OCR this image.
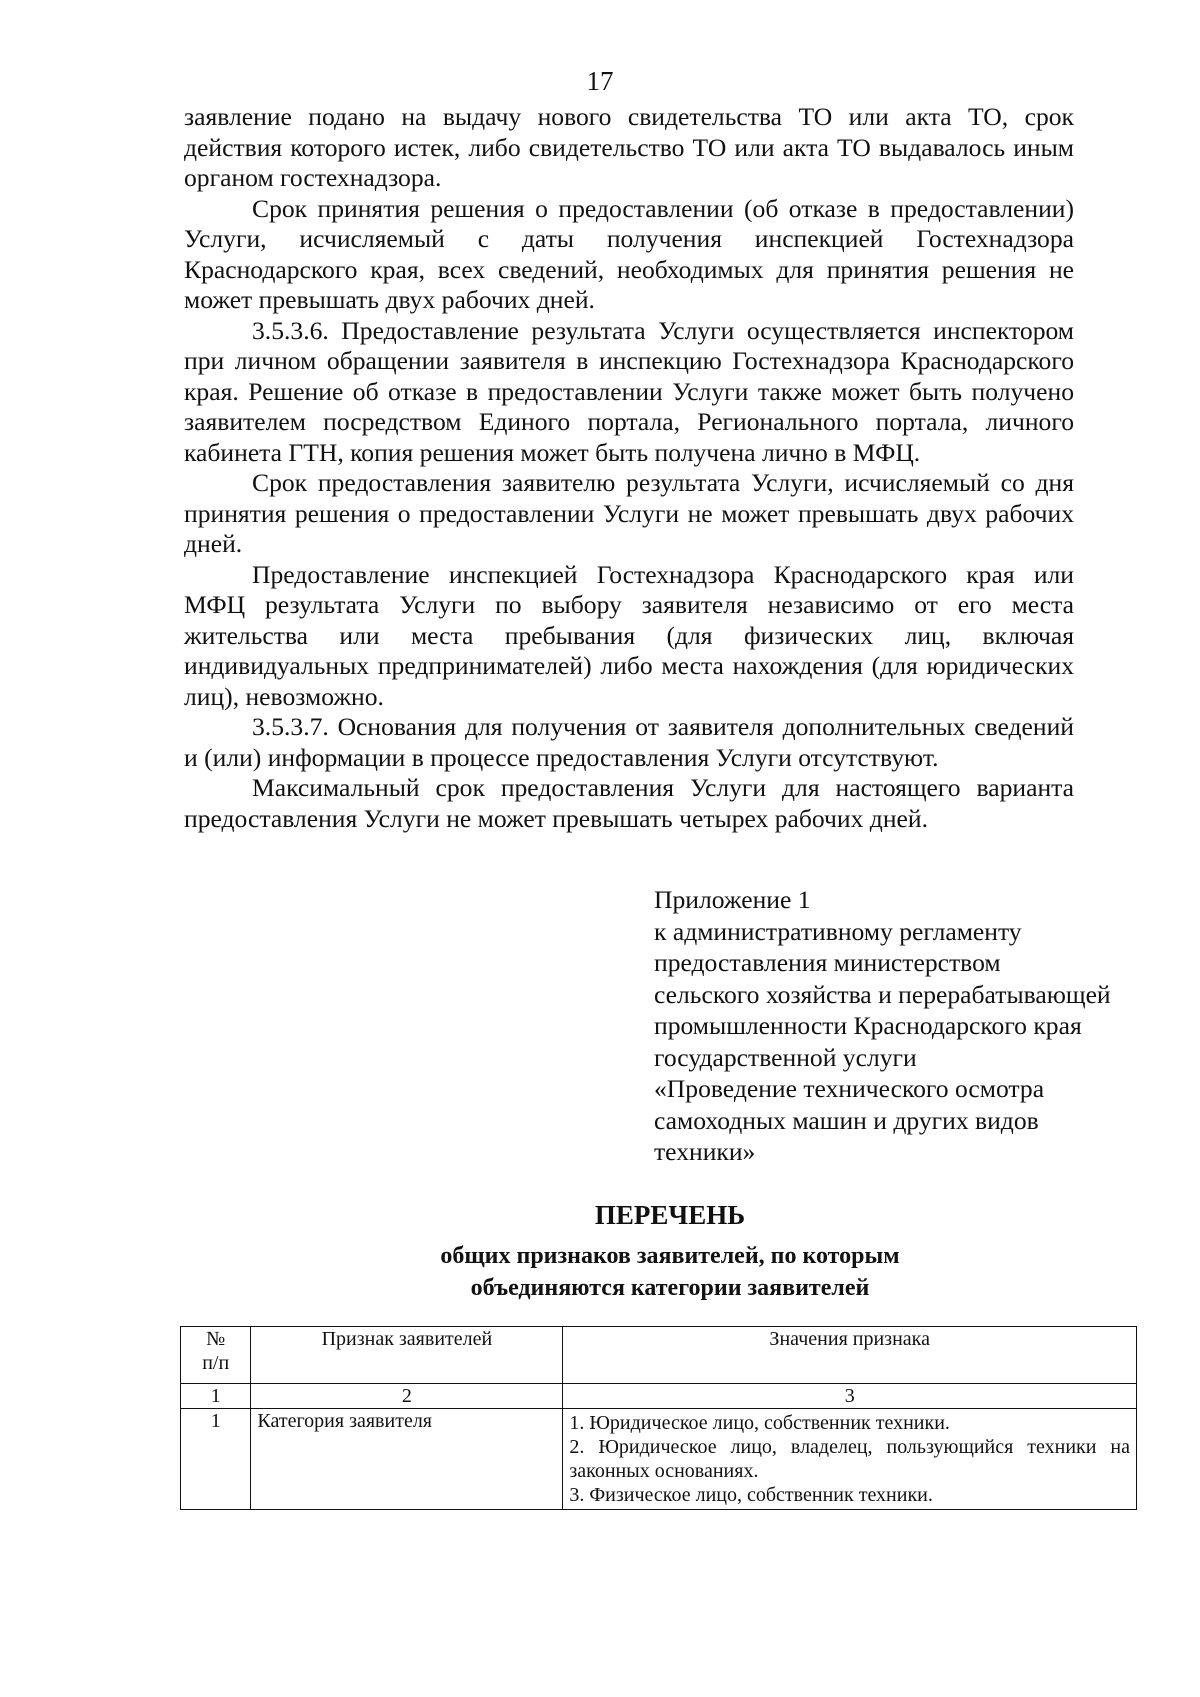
17

заявление подано на выдачу нового свидетельства ТО или акта ТО, срок действия которого истек, либо свидетельство ТО или акта ТО выдавалось иным органом гостехнадзора.

Срок принятия решения о предоставлении (об отказе в предоставлении) Услуги, исчисляемый с даты получения инспекцией Гостехнадзора Краснодарского края, всех сведений, необходимых для принятия решения не может превышать двух рабочих дней.

3.5.3.6. Предоставление результата Услуги осуществляется инспектором при личном обращении заявителя в инспекцию Гостехнадзора Краснодарского края. Решение об отказе в предоставлении Услуги также может быть получено заявителем посредством Единого портала, Регионального портала, личного кабинета ГТН, копия решения может быть получена лично в МФЦ.

Срок предоставления заявителю результата Услуги, исчисляемый со дня принятия решения о предоставлении Услуги не может превышать двух рабочих дней.

Предоставление инспекцией Гостехнадзора Краснодарского края или МФЦ результата Услуги по выбору заявителя независимо от его места жительства или места пребывания (для физических лиц, включая индивидуальных предпринимателей) либо места нахождения (для юридических лиц), невозможно.

3.5.3.7. Основания для получения от заявителя дополнительных сведений и (или) информации в процессе предоставления Услуги отсутствуют.

Максимальный срок предоставления Услуги для настоящего варианта предоставления Услуги не может превышать четырех рабочих дней.

Приложение 1
к административному регламенту
предоставления министерством
сельского хозяйства и перерабатывающей
промышленности Краснодарского края
государственной услуги
«Проведение технического осмотра
самоходных машин и других видов
техники»
ПЕРЕЧЕНЬ
общих признаков заявителей, по которым
объединяются категории заявителей
№
п/п	Признак заявителей	Значения признака
1	2	3
1	Категория заявителя	1. Юридическое лицо, собственник техники.
2. Юридическое лицо, владелец, пользующийся техники на законных основаниях.
3. Физическое лицо, собственник техники.
